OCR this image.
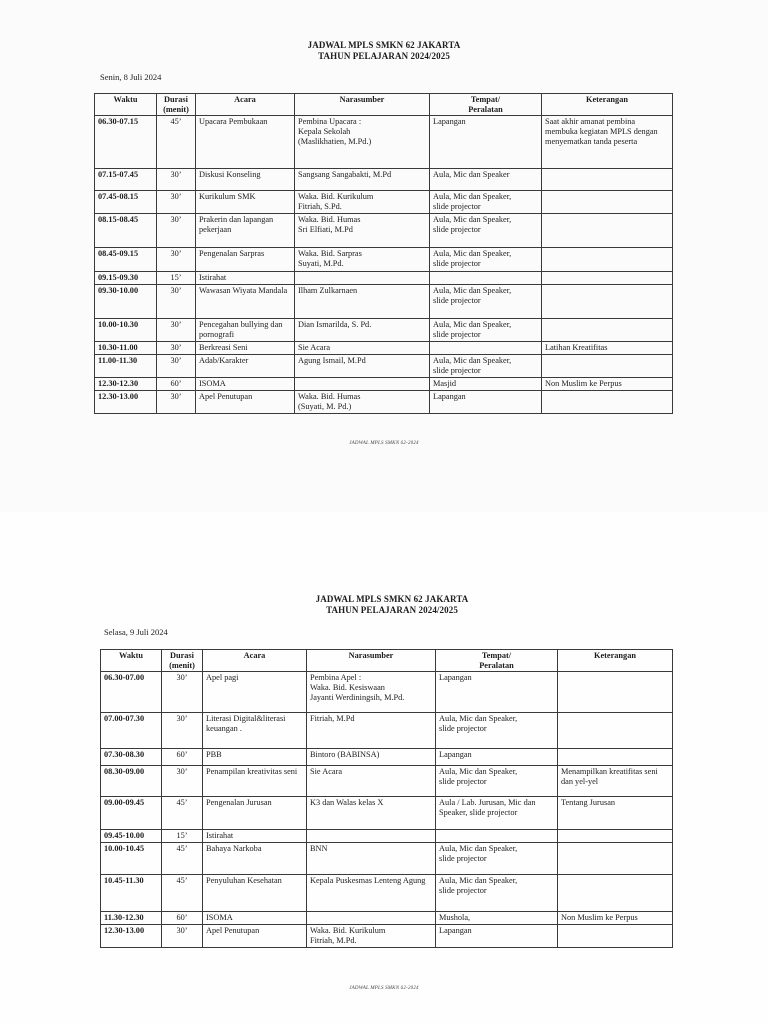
JADWAL MPLS SMKN 62 JAKARTA
TAHUN PELAJARAN 2024/2025
Senin, 8 Juli 2024
Waktu	Durasi
(menit)	Acara	Narasumber	Tempat/
Peralatan	Keterangan
06.30-07.15	45’	Upacara Pembukaan	Pembina Upacara :
Kepala Sekolah
(Maslikhatien, M.Pd.)	Lapangan	Saat akhir amanat pembina membuka kegiatan MPLS dengan menyematkan tanda peserta
07.15-07.45	30’	Diskusi Konseling	Sangsang Sangabakti, M.Pd	Aula, Mic dan Speaker	
07.45-08.15	30’	Kurikulum SMK	Waka. Bid. Kurikulum
Fitriah, S.Pd.	Aula, Mic dan Speaker,
slide projector	
08.15-08.45	30’	Prakerin dan lapangan pekerjaan	Waka. Bid. Humas
Sri Elfiati, M.Pd	Aula, Mic dan Speaker,
slide projector	
08.45-09.15	30’	Pengenalan Sarpras	Waka. Bid. Sarpras
Suyati, M.Pd.	Aula, Mic dan Speaker,
slide projector	
09.15-09.30	15’	Istirahat			
09.30-10.00	30’	Wawasan Wiyata Mandala	Ilham Zulkarnaen	Aula, Mic dan Speaker,
slide projector	
10.00-10.30	30’	Pencegahan bullying dan pornografi	Dian Ismarilda, S. Pd.	Aula, Mic dan Speaker,
slide projector	
10.30-11.00	30’	Berkreasi Seni	Sie Acara		Latihan Kreatifitas
11.00-11.30	30’	Adab/Karakter	Agung Ismail, M.Pd	Aula, Mic dan Speaker,
slide projector	
12.30-12.30	60’	ISOMA		Masjid	Non Muslim ke Perpus
12.30-13.00	30’	Apel Penutupan	Waka. Bid. Humas
(Suyati, M. Pd.)	Lapangan	
JADWAL MPLS SMKN 62-2024
JADWAL MPLS SMKN 62 JAKARTA
TAHUN PELAJARAN 2024/2025
Selasa, 9 Juli 2024
Waktu	Durasi
(menit)	Acara	Narasumber	Tempat/
Peralatan	Keterangan
06.30-07.00	30’	Apel pagi	Pembina Apel :
Waka. Bid. Kesiswaan
Jayanti Werdiningsih, M.Pd.	Lapangan	
07.00-07.30	30’	Literasi Digital&literasi keuangan .	Fitriah, M.Pd	Aula, Mic dan Speaker,
slide projector	
07.30-08.30	60’	PBB	Bintoro (BABINSA)	Lapangan	
08.30-09.00	30’	Penampilan kreativitas seni	Sie Acara	Aula, Mic dan Speaker,
slide projector	Menampilkan kreatifitas seni dan yel-yel
09.00-09.45	45’	Pengenalan Jurusan	K3 dan Walas kelas X	Aula / Lab. Jurusan, Mic dan Speaker, slide projector	Tentang Jurusan
09.45-10.00	15’	Istirahat			
10.00-10.45	45’	Bahaya Narkoba	BNN	Aula, Mic dan Speaker,
slide projector	
10.45-11.30	45’	Penyuluhan Kesehatan	Kepala Puskesmas Lenteng Agung	Aula, Mic dan Speaker,
slide projector	
11.30-12.30	60’	ISOMA		Mushola,	Non Muslim ke Perpus
12.30-13.00	30’	Apel Penutupan	Waka. Bid. Kurikulum
Fitriah, M.Pd.	Lapangan	
JADWAL MPLS SMKN 62-2024
